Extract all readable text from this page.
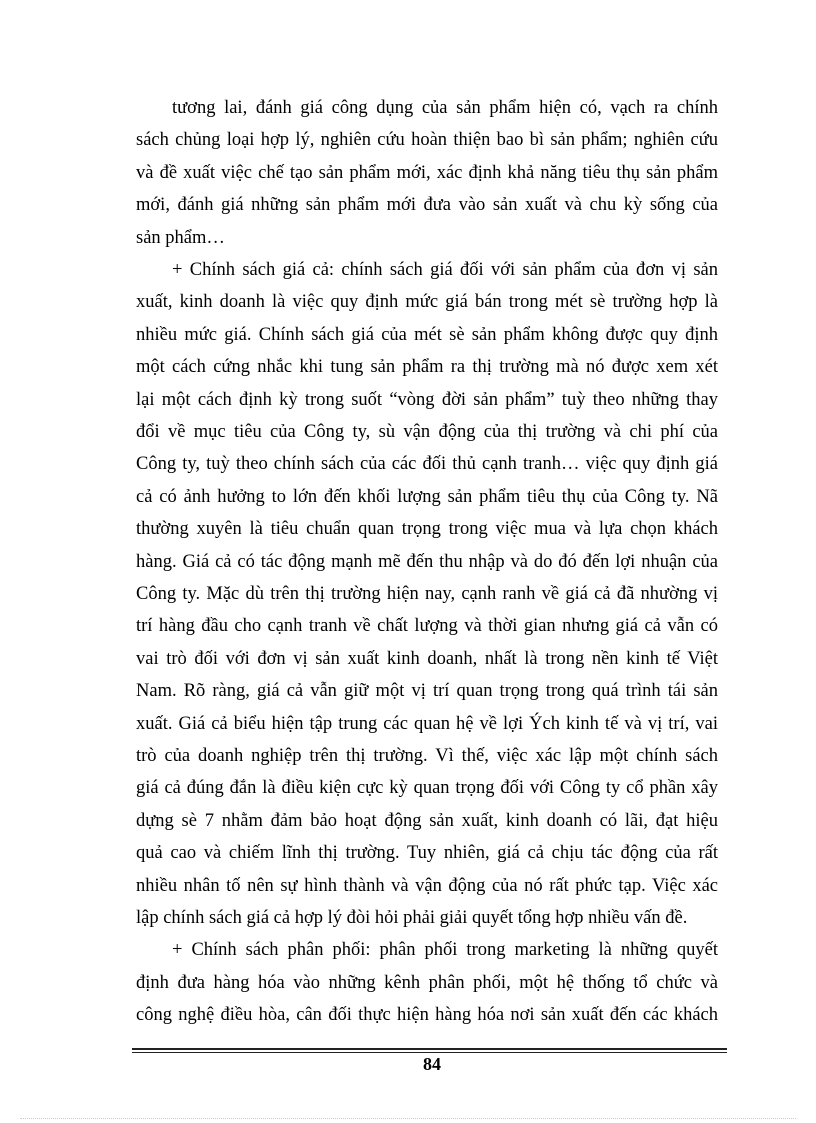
tương lai, đánh giá công dụng của sản phẩm hiện có, vạch ra chính
sách chủng loại hợp lý, nghiên cứu hoàn thiện bao bì sản phẩm; nghiên cứu
và đề xuất việc chế tạo sản phẩm mới, xác định khả năng tiêu thụ sản phẩm
mới, đánh giá những sản phẩm mới đưa vào sản xuất và chu kỳ sống của
sản phẩm…
+ Chính sách giá cả: chính sách giá đối với sản phẩm của đơn vị sản
xuất, kinh doanh là việc quy định mức giá bán trong mét sè trường hợp là
nhiều mức giá. Chính sách giá của mét sè sản phẩm không được quy định
một cách cứng nhắc khi tung sản phẩm ra thị trường mà nó được xem xét
lại một cách định kỳ trong suốt “vòng đời sản phẩm” tuỳ theo những thay
đổi về mục tiêu của Công ty, sù vận động của thị trường và chi phí của
Công ty, tuỳ theo chính sách của các đối thủ cạnh tranh… việc quy định giá
cả có ảnh hưởng to lớn đến khối lượng sản phẩm tiêu thụ của Công ty. Nã
thường xuyên là tiêu chuẩn quan trọng trong việc mua và lựa chọn khách
hàng. Giá cả có tác động mạnh mẽ đến thu nhập và do đó đến lợi nhuận của
Công ty. Mặc dù trên thị trường hiện nay, cạnh ranh về giá cả đã nhường vị
trí hàng đầu cho cạnh tranh về chất lượng và thời gian nhưng giá cả vẫn có
vai trò đối với đơn vị sản xuất kinh doanh, nhất là trong nền kinh tế Việt
Nam. Rõ ràng, giá cả vẫn giữ một vị trí quan trọng trong quá trình tái sản
xuất. Giá cả biểu hiện tập trung các quan hệ về lợi Ých kinh tế và vị trí, vai
trò của doanh nghiệp trên thị trường. Vì thế, việc xác lập một chính sách
giá cả đúng đắn là điều kiện cực kỳ quan trọng đối với Công ty cổ phần xây
dựng sè 7 nhằm đảm bảo hoạt động sản xuất, kinh doanh có lãi, đạt hiệu
quả cao và chiếm lĩnh thị trường. Tuy nhiên, giá cả chịu tác động của rất
nhiều nhân tố nên sự hình thành và vận động của nó rất phức tạp. Việc xác
lập chính sách giá cả hợp lý đòi hỏi phải giải quyết tổng hợp nhiều vấn đề.
+ Chính sách phân phối: phân phối trong marketing là những quyết
định đưa hàng hóa vào những kênh phân phối, một hệ thống tổ chức và
công nghệ điều hòa, cân đối thực hiện hàng hóa nơi sản xuất đến các khách
84
